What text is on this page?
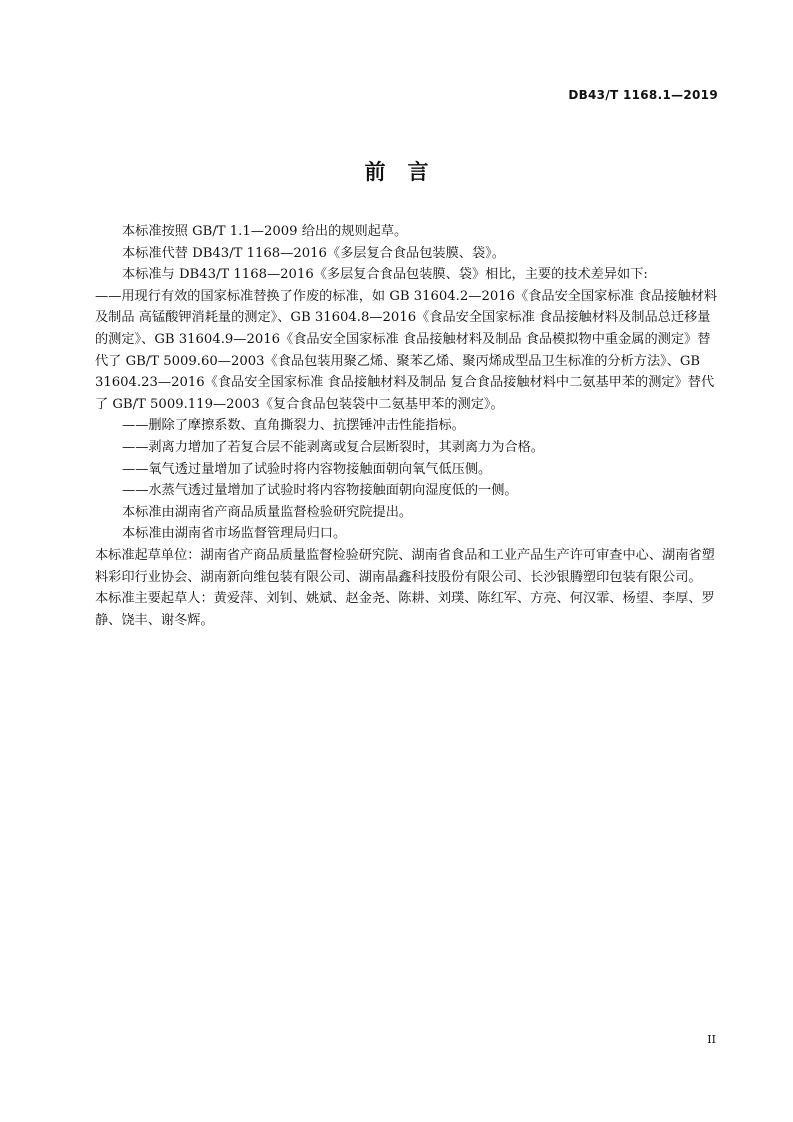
DB43/T 1168.1—2019
前 言

本标准按照 GB/T 1.1—2009 给出的规则起草。

本标准代替 DB43/T 1168—2016《多层复合食品包装膜、袋》。

本标准与 DB43/T 1168—2016《多层复合食品包装膜、袋》相比，主要的技术差异如下:

——用现行有效的国家标准替换了作废的标准，如 GB 31604.2—2016《食品安全国家标准 食品接触材料及制品 高锰酸钾消耗量的测定》、GB 31604.8—2016《食品安全国家标准 食品接触材料及制品总迁移量的测定》、GB 31604.9—2016《食品安全国家标准 食品接触材料及制品 食品模拟物中重金属的测定》替代了 GB/T 5009.60—2003《食品包装用聚乙烯、聚苯乙烯、聚丙烯成型品卫生标准的分析方法》、GB 31604.23—2016《食品安全国家标准 食品接触材料及制品 复合食品接触材料中二氨基甲苯的测定》替代了 GB/T 5009.119—2003《复合食品包装袋中二氨基甲苯的测定》。

——删除了摩擦系数、直角撕裂力、抗摆锤冲击性能指标。

——剥离力增加了若复合层不能剥离或复合层断裂时，其剥离力为合格。

——氧气透过量增加了试验时将内容物接触面朝向氧气低压侧。

——水蒸气透过量增加了试验时将内容物接触面朝向湿度低的一侧。

本标准由湖南省产商品质量监督检验研究院提出。

本标准由湖南省市场监督管理局归口。

本标准起草单位：湖南省产商品质量监督检验研究院、湖南省食品和工业产品生产许可审查中心、湖南省塑料彩印行业协会、湖南新向维包装有限公司、湖南晶鑫科技股份有限公司、长沙银腾塑印包装有限公司。

本标准主要起草人：黄爱萍、刘钊、姚斌、赵金尧、陈耕、刘璞、陈红军、方亮、何汉霏、杨望、李厚、罗静、饶丰、谢冬辉。

II
